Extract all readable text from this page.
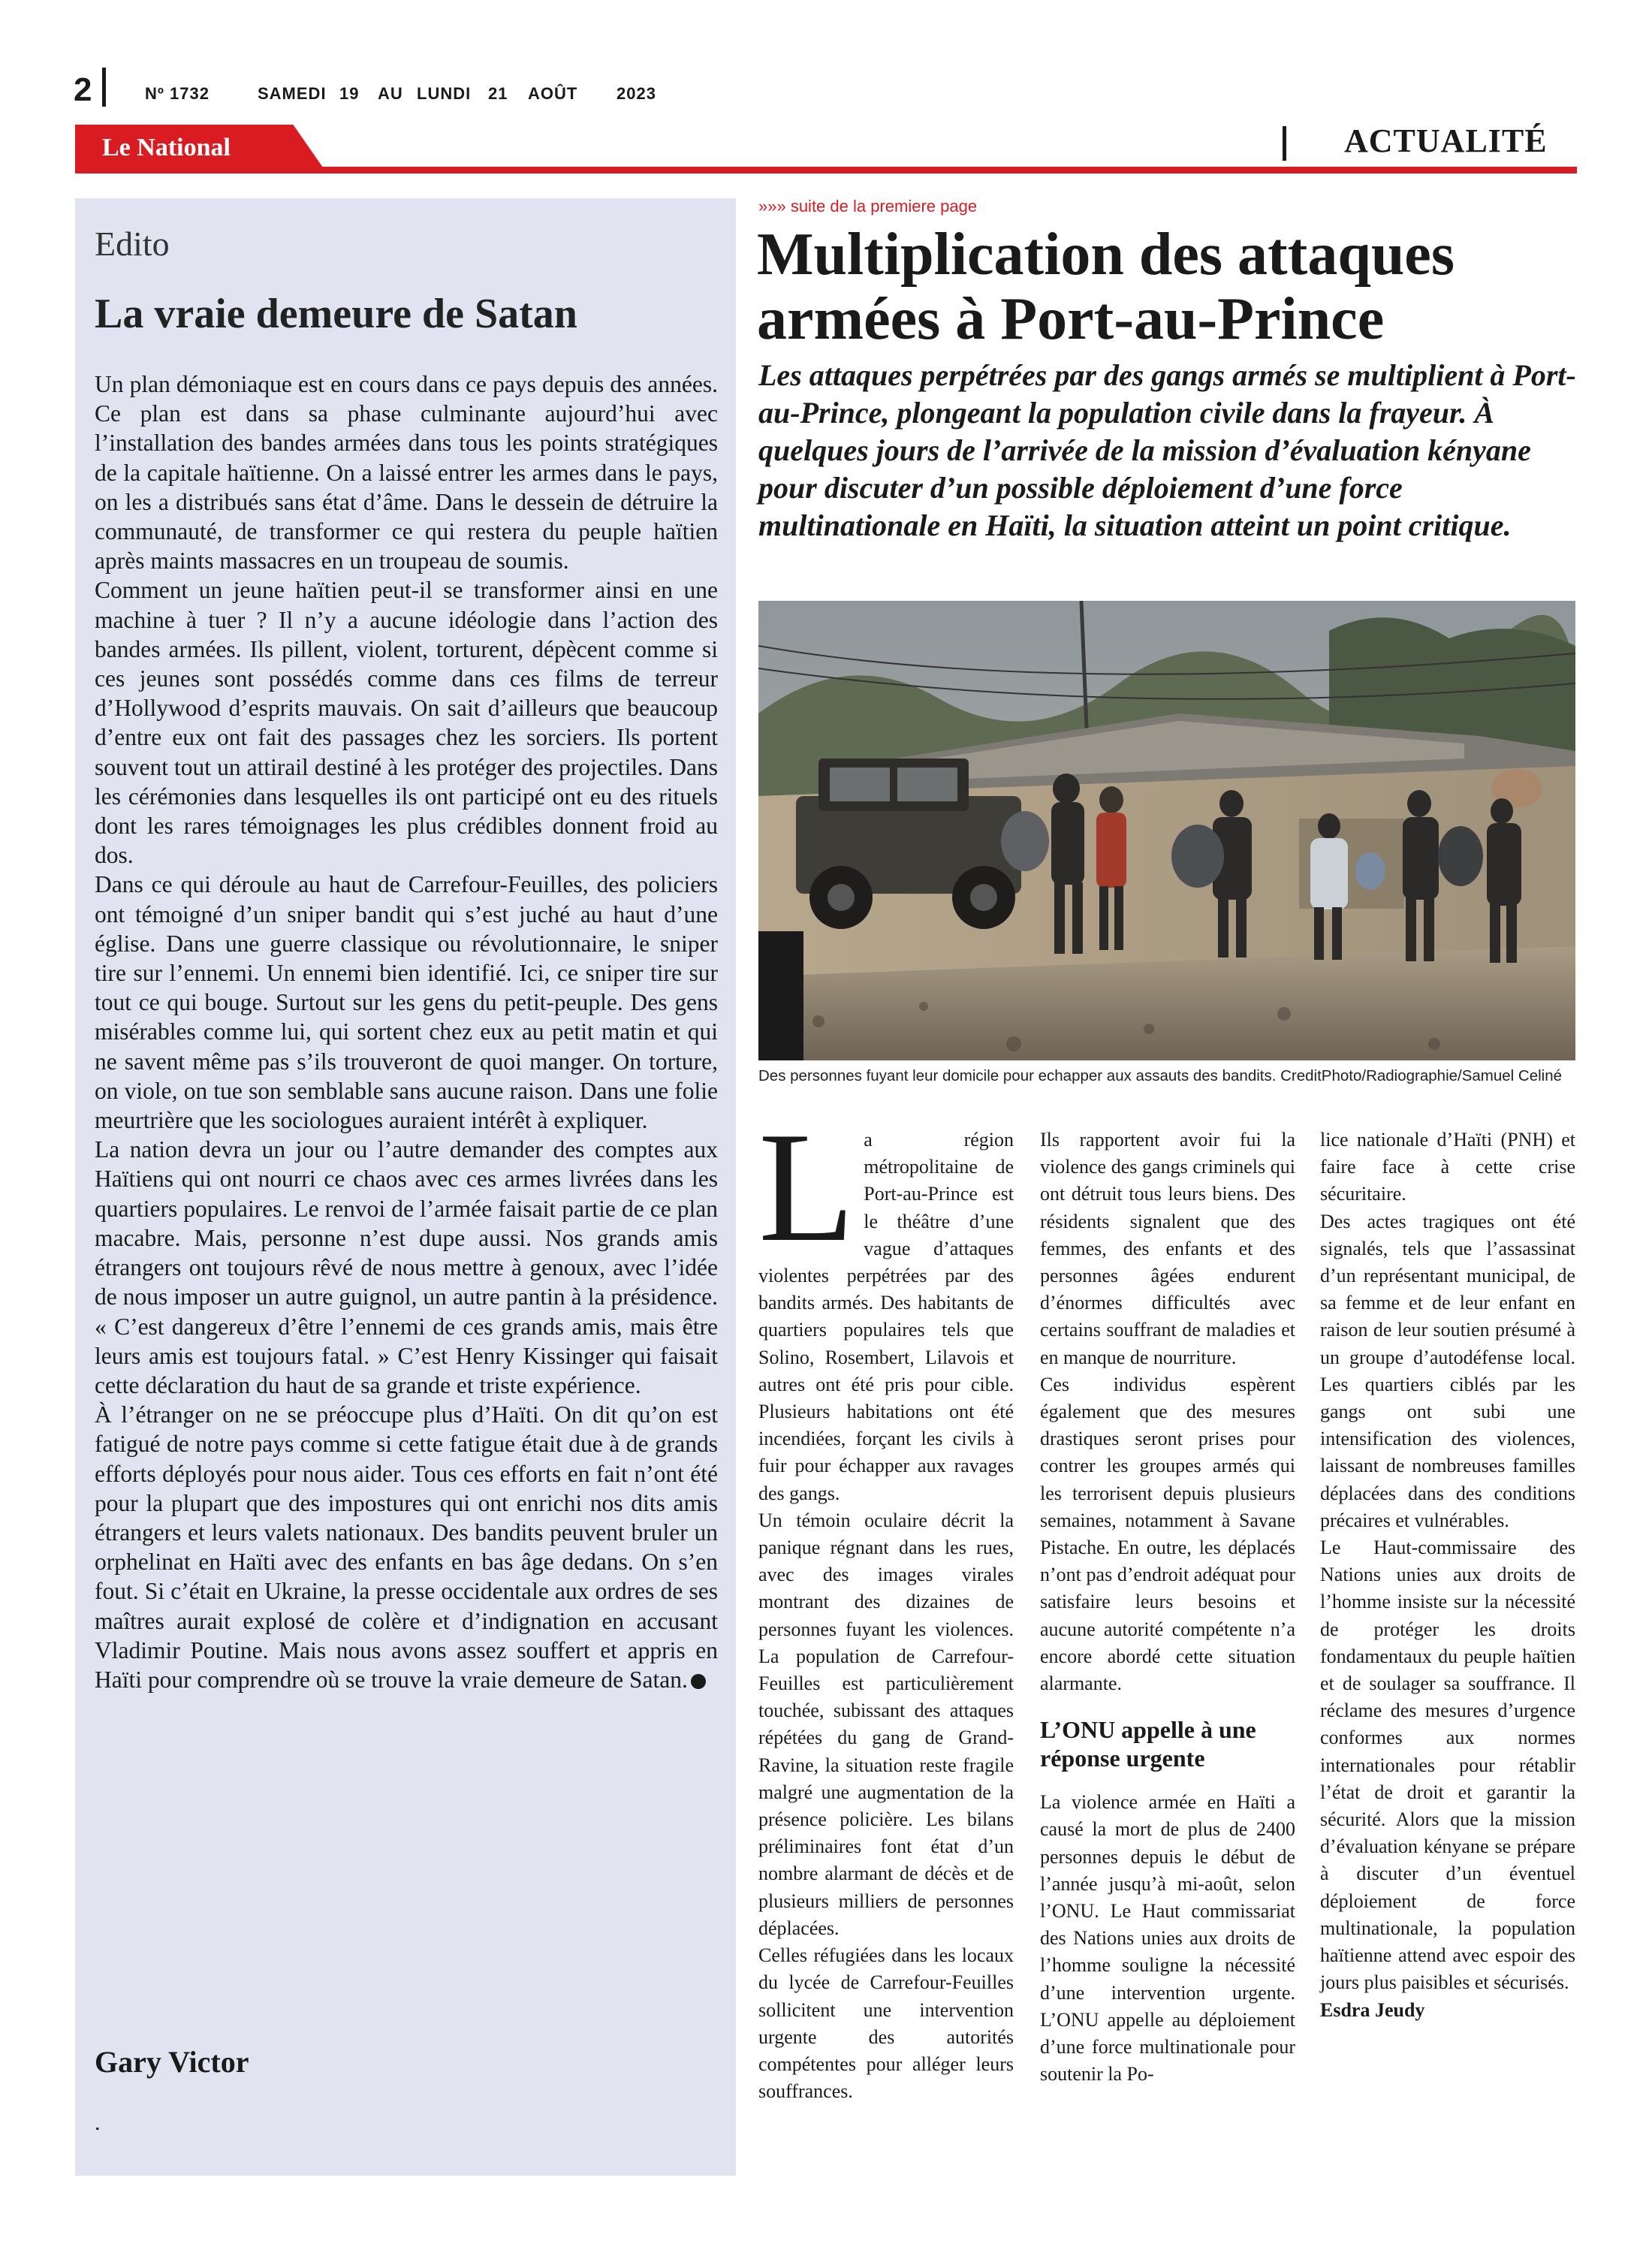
2	Nº 1732	SAMEDI 19 AU LUNDI 21 AOÛT 2023
Le National	ACTUALITÉ
Edito
La vraie demeure de Satan

Un plan démoniaque est en cours dans ce pays depuis des années. Ce plan est dans sa phase culminante aujourd’hui avec l’installation des bandes armées dans tous les points stratégiques de la capitale haïtienne. On a laissé entrer les armes dans le pays, on les a distribués sans état d’âme. Dans le dessein de détruire la communauté, de transformer ce qui restera du peuple haïtien après maints massacres en un troupeau de soumis.

Comment un jeune haïtien peut-il se transformer ainsi en une machine à tuer ? Il n’y a aucune idéologie dans l’action des bandes armées. Ils pillent, violent, torturent, dépècent comme si ces jeunes sont possédés comme dans ces films de terreur d’Hollywood d’esprits mauvais. On sait d’ailleurs que beaucoup d’entre eux ont fait des passages chez les sorciers. Ils portent souvent tout un attirail destiné à les protéger des projectiles. Dans les cérémonies dans lesquelles ils ont participé ont eu des rituels dont les rares témoignages les plus crédibles donnent froid au dos.

Dans ce qui déroule au haut de Carrefour-Feuilles, des policiers ont témoigné d’un sniper bandit qui s’est juché au haut d’une église. Dans une guerre classique ou révolutionnaire, le sniper tire sur l’ennemi. Un ennemi bien identifié. Ici, ce sniper tire sur tout ce qui bouge. Surtout sur les gens du petit-peuple. Des gens misérables comme lui, qui sortent chez eux au petit matin et qui ne savent même pas s’ils trouveront de quoi manger. On torture, on viole, on tue son semblable sans aucune raison. Dans une folie meurtrière que les sociologues auraient intérêt à expliquer.

La nation devra un jour ou l’autre demander des comptes aux Haïtiens qui ont nourri ce chaos avec ces armes livrées dans les quartiers populaires. Le renvoi de l’armée faisait partie de ce plan macabre. Mais, personne n’est dupe aussi. Nos grands amis étrangers ont toujours rêvé de nous mettre à genoux, avec l’idée de nous imposer un autre guignol, un autre pantin à la présidence. « C’est dangereux d’être l’ennemi de ces grands amis, mais être leurs amis est toujours fatal. » C’est Henry Kissinger qui faisait cette déclaration du haut de sa grande et triste expérience.

À l’étranger on ne se préoccupe plus d’Haïti. On dit qu’on est fatigué de notre pays comme si cette fatigue était due à de grands efforts déployés pour nous aider. Tous ces efforts en fait n’ont été pour la plupart que des impostures qui ont enrichi nos dits amis étrangers et leurs valets nationaux. Des bandits peuvent bruler un orphelinat en Haïti avec des enfants en bas âge dedans. On s’en fout. Si c’était en Ukraine, la presse occidentale aux ordres de ses maîtres aurait explosé de colère et d’indignation en accusant Vladimir Poutine. Mais nous avons assez souffert et appris en Haïti pour comprendre où se trouve la vraie demeure de Satan.

Gary Victor
.
»»» suite de la premiere page
Multiplication des attaques armées à Port-au-Prince
Les attaques perpétrées par des gangs armés se multiplient à Port-au-Prince, plongeant la population civile dans la frayeur. À quelques jours de l’arrivée de la mission d’évaluation kényane pour discuter d’un possible déploiement d’une force multinationale en Haïti, la situation atteint un point critique.
Des personnes fuyant leur domicile pour echapper aux assauts des bandits. CreditPhoto/Radiographie/Samuel Celiné

La région métropolitaine de Port-au-Prince est le théâtre d’une vague d’attaques violentes perpétrées par des bandits armés. Des habitants de quartiers populaires tels que Solino, Rosembert, Lilavois et autres ont été pris pour cible. Plusieurs habitations ont été incendiées, forçant les civils à fuir pour échapper aux ravages des gangs.

Un témoin oculaire décrit la panique régnant dans les rues, avec des images virales montrant des dizaines de personnes fuyant les violences. La population de Carrefour-Feuilles est particulièrement touchée, subissant des attaques répétées du gang de Grand-Ravine, la situation reste fragile malgré une augmentation de la présence policière. Les bilans préliminaires font état d’un nombre alarmant de décès et de plusieurs milliers de personnes déplacées.

Celles réfugiées dans les locaux du lycée de Carrefour-Feuilles sollicitent une intervention urgente des autorités compétentes pour alléger leurs souffrances.

Ils rapportent avoir fui la violence des gangs criminels qui ont détruit tous leurs biens. Des résidents signalent que des femmes, des enfants et des personnes âgées endurent d’énormes difficultés avec certains souffrant de maladies et en manque de nourriture.

Ces individus espèrent également que des mesures drastiques seront prises pour contrer les groupes armés qui les terrorisent depuis plusieurs semaines, notamment à Savane Pistache. En outre, les déplacés n’ont pas d’endroit adéquat pour satisfaire leurs besoins et aucune autorité compétente n’a encore abordé cette situation alarmante.

L’ONU appelle à une réponse urgente

La violence armée en Haïti a causé la mort de plus de 2400 personnes depuis le début de l’année jusqu’à mi-août, selon l’ONU. Le Haut commissariat des Nations unies aux droits de l’homme souligne la nécessité d’une intervention urgente. L’ONU appelle au déploiement d’une force multinationale pour soutenir la Po-

lice nationale d’Haïti (PNH) et faire face à cette crise sécuritaire.

Des actes tragiques ont été signalés, tels que l’assassinat d’un représentant municipal, de sa femme et de leur enfant en raison de leur soutien présumé à un groupe d’autodéfense local. Les quartiers ciblés par les gangs ont subi une intensification des violences, laissant de nombreuses familles déplacées dans des conditions précaires et vulnérables.

Le Haut-commissaire des Nations unies aux droits de l’homme insiste sur la nécessité de protéger les droits fondamentaux du peuple haïtien et de soulager sa souffrance. Il réclame des mesures d’urgence conformes aux normes internationales pour rétablir l’état de droit et garantir la sécurité. Alors que la mission d’évaluation kényane se prépare à discuter d’un éventuel déploiement de force multinationale, la population haïtienne attend avec espoir des jours plus paisibles et sécurisés.

Esdra Jeudy
